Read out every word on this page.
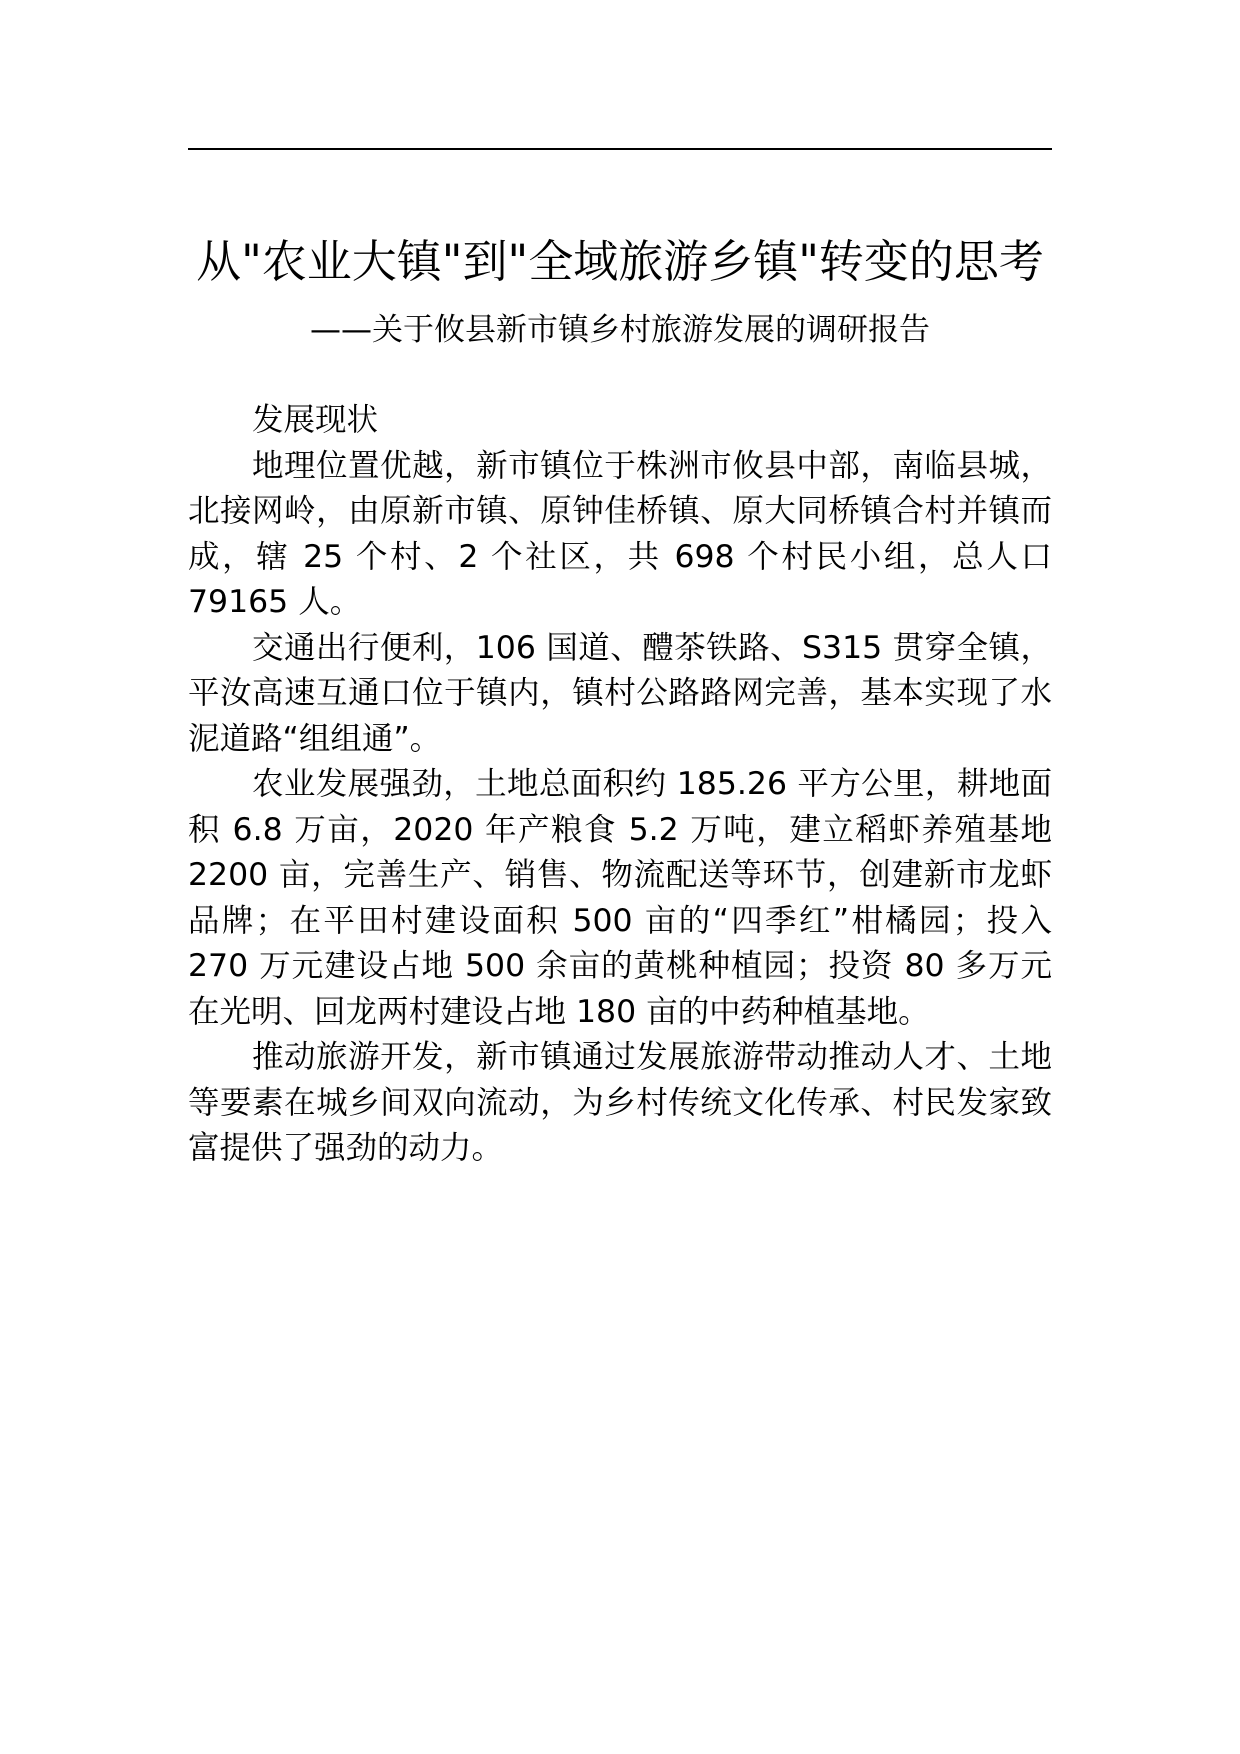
从"农业大镇"到"全域旅游乡镇"转变的思考

——关于攸县新市镇乡村旅游发展的调研报告

发展现状

地理位置优越，新市镇位于株洲市攸县中部，南临县城，北接网岭，由原新市镇、原钟佳桥镇、原大同桥镇合村并镇而成，辖 25 个村、2 个社区，共 698 个村民小组，总人口 79165 人。

交通出行便利，106 国道、醴茶铁路、S315 贯穿全镇，平汝高速互通口位于镇内，镇村公路路网完善，基本实现了水泥道路“组组通”。

农业发展强劲，土地总面积约 185.26 平方公里，耕地面积 6.8 万亩，2020 年产粮食 5.2 万吨，建立稻虾养殖基地 2200 亩，完善生产、销售、物流配送等环节，创建新市龙虾品牌；在平田村建设面积 500 亩的“四季红”柑橘园；投入 270 万元建设占地 500 余亩的黄桃种植园；投资 80 多万元在光明、回龙两村建设占地 180 亩的中药种植基地。

推动旅游开发，新市镇通过发展旅游带动推动人才、土地等要素在城乡间双向流动，为乡村传统文化传承、村民发家致富提供了强劲的动力。
